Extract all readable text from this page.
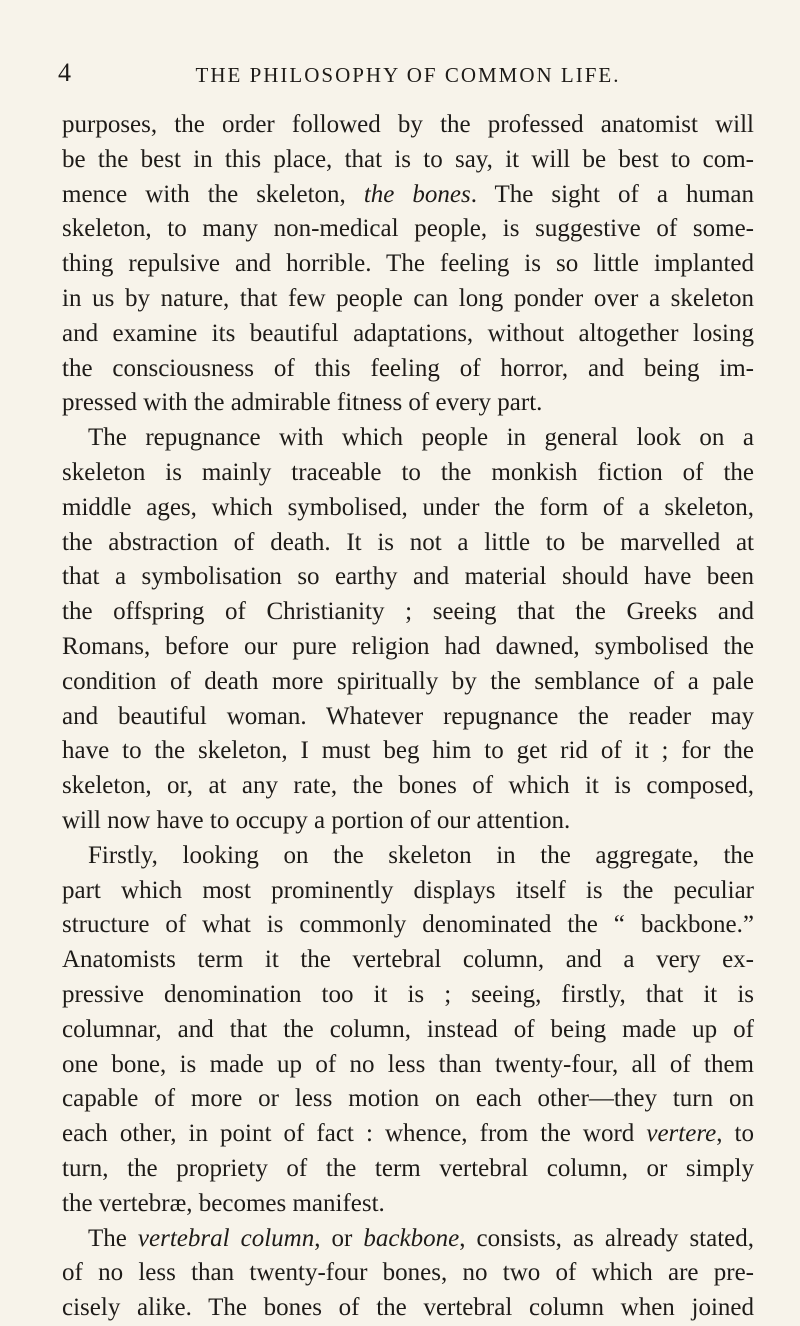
4	THE PHILOSOPHY OF COMMON LIFE.
purposes, the order followed by the professed anatomist will
be the best in this place, that is to say, it will be best to com-
mence with the skeleton, the bones. The sight of a human
skeleton, to many non-medical people, is suggestive of some-
thing repulsive and horrible. The feeling is so little implanted
in us by nature, that few people can long ponder over a skeleton
and examine its beautiful adaptations, without altogether losing
the consciousness of this feeling of horror, and being im-
pressed with the admirable fitness of every part.
The repugnance with which people in general look on a
skeleton is mainly traceable to the monkish fiction of the
middle ages, which symbolised, under the form of a skeleton,
the abstraction of death. It is not a little to be marvelled at
that a symbolisation so earthy and material should have been
the offspring of Christianity ; seeing that the Greeks and
Romans, before our pure religion had dawned, symbolised the
condition of death more spiritually by the semblance of a pale
and beautiful woman. Whatever repugnance the reader may
have to the skeleton, I must beg him to get rid of it ; for the
skeleton, or, at any rate, the bones of which it is composed,
will now have to occupy a portion of our attention.
Firstly, looking on the skeleton in the aggregate, the
part which most prominently displays itself is the peculiar
structure of what is commonly denominated the “ backbone.”
Anatomists term it the vertebral column, and a very ex-
pressive denomination too it is ; seeing, firstly, that it is
columnar, and that the column, instead of being made up of
one bone, is made up of no less than twenty-four, all of them
capable of more or less motion on each other—they turn on
each other, in point of fact : whence, from the word vertere, to
turn, the propriety of the term vertebral column, or simply
the vertebræ, becomes manifest.
The vertebral column, or backbone, consists, as already stated,
of no less than twenty-four bones, no two of which are pre-
cisely alike. The bones of the vertebral column when joined
